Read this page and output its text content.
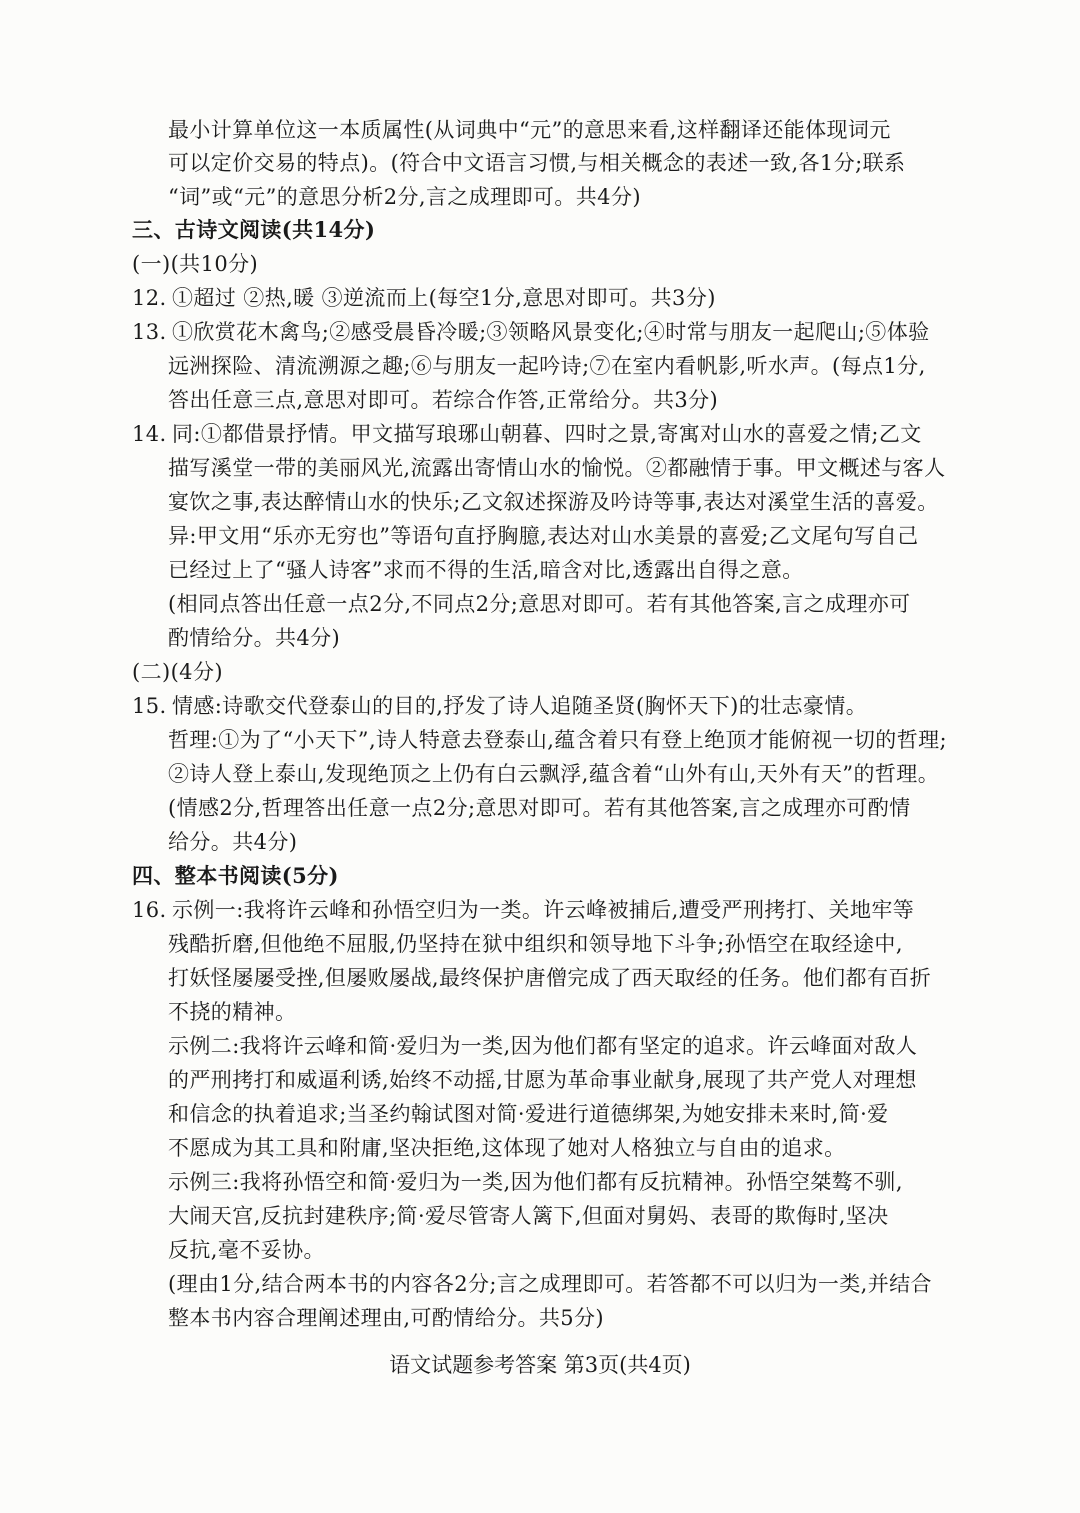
最小计算单位这一本质属性(从词典中“元”的意思来看,这样翻译还能体现词元
可以定价交易的特点)。(符合中文语言习惯,与相关概念的表述一致,各1分;联系
“词”或“元”的意思分析2分,言之成理即可。共4分)
三、古诗文阅读(共14分)
(一)(共10分)
12. ①超过 ②热,暖 ③逆流而上(每空1分,意思对即可。共3分)
13. ①欣赏花木禽鸟;②感受晨昏冷暖;③领略风景变化;④时常与朋友一起爬山;⑤体验
远洲探险、清流溯源之趣;⑥与朋友一起吟诗;⑦在室内看帆影,听水声。(每点1分,
答出任意三点,意思对即可。若综合作答,正常给分。共3分)
14. 同:①都借景抒情。甲文描写琅琊山朝暮、四时之景,寄寓对山水的喜爱之情;乙文
描写溪堂一带的美丽风光,流露出寄情山水的愉悦。②都融情于事。甲文概述与客人
宴饮之事,表达醉情山水的快乐;乙文叙述探游及吟诗等事,表达对溪堂生活的喜爱。
异:甲文用“乐亦无穷也”等语句直抒胸臆,表达对山水美景的喜爱;乙文尾句写自己
已经过上了“骚人诗客”求而不得的生活,暗含对比,透露出自得之意。
(相同点答出任意一点2分,不同点2分;意思对即可。若有其他答案,言之成理亦可
酌情给分。共4分)
(二)(4分)
15. 情感:诗歌交代登泰山的目的,抒发了诗人追随圣贤(胸怀天下)的壮志豪情。
哲理:①为了“小天下”,诗人特意去登泰山,蕴含着只有登上绝顶才能俯视一切的哲理;
②诗人登上泰山,发现绝顶之上仍有白云飘浮,蕴含着“山外有山,天外有天”的哲理。
(情感2分,哲理答出任意一点2分;意思对即可。若有其他答案,言之成理亦可酌情
给分。共4分)
四、整本书阅读(5分)
16. 示例一:我将许云峰和孙悟空归为一类。许云峰被捕后,遭受严刑拷打、关地牢等
残酷折磨,但他绝不屈服,仍坚持在狱中组织和领导地下斗争;孙悟空在取经途中,
打妖怪屡屡受挫,但屡败屡战,最终保护唐僧完成了西天取经的任务。他们都有百折
不挠的精神。
示例二:我将许云峰和简·爱归为一类,因为他们都有坚定的追求。许云峰面对敌人
的严刑拷打和威逼利诱,始终不动摇,甘愿为革命事业献身,展现了共产党人对理想
和信念的执着追求;当圣约翰试图对简·爱进行道德绑架,为她安排未来时,简·爱
不愿成为其工具和附庸,坚决拒绝,这体现了她对人格独立与自由的追求。
示例三:我将孙悟空和简·爱归为一类,因为他们都有反抗精神。孙悟空桀骜不驯,
大闹天宫,反抗封建秩序;简·爱尽管寄人篱下,但面对舅妈、表哥的欺侮时,坚决
反抗,毫不妥协。
(理由1分,结合两本书的内容各2分;言之成理即可。若答都不可以归为一类,并结合
整本书内容合理阐述理由,可酌情给分。共5分)
语文试题参考答案 第3页(共4页)
